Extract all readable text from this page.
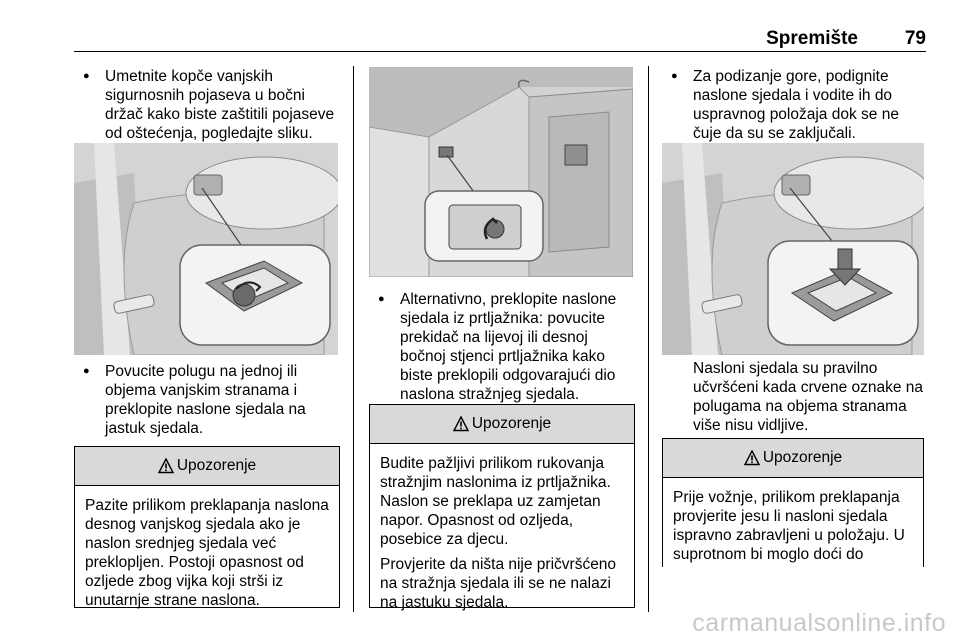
Spremište 79
● Umetnite kopče vanjskih sigurnosnih pojaseva u bočni držač kako biste zaštitili pojaseve od oštećenja, pogledajte sliku.
● Povucite polugu na jednoj ili objema vanjskim stranama i preklopite naslone sjedala na jastuk sjedala.
Upozorenje

Pazite prilikom preklapanja naslona desnog vanjskog sjedala ako je naslon srednjeg sjedala već preklopljen. Postoji opasnost od ozljede zbog vijka koji strši iz unutarnje strane naslona.

● Alternativno, preklopite naslone sjedala iz prtljažnika: povucite prekidač na lijevoj ili desnoj bočnoj stjenci prtljažnika kako biste preklopili odgovarajući dio naslona stražnjeg sjedala.
Upozorenje

Budite pažljivi prilikom rukovanja stražnjim naslonima iz prtljažnika. Naslon se preklapa uz zamjetan napor. Opasnost od ozljeda, posebice za djecu.

Provjerite da ništa nije pričvršćeno na stražnja sjedala ili se ne nalazi na jastuku sjedala.

● Za podizanje gore, podignite naslone sjedala i vodite ih do uspravnog položaja dok se ne čuje da su se zaključali.
Nasloni sjedala su pravilno učvršćeni kada crvene oznake na polugama na objema stranama više nisu vidljive.
Upozorenje

Prije vožnje, prilikom preklapanja provjerite jesu li nasloni sjedala ispravno zabravljeni u položaju. U suprotnom bi moglo doći do

carmanualsonline.info
